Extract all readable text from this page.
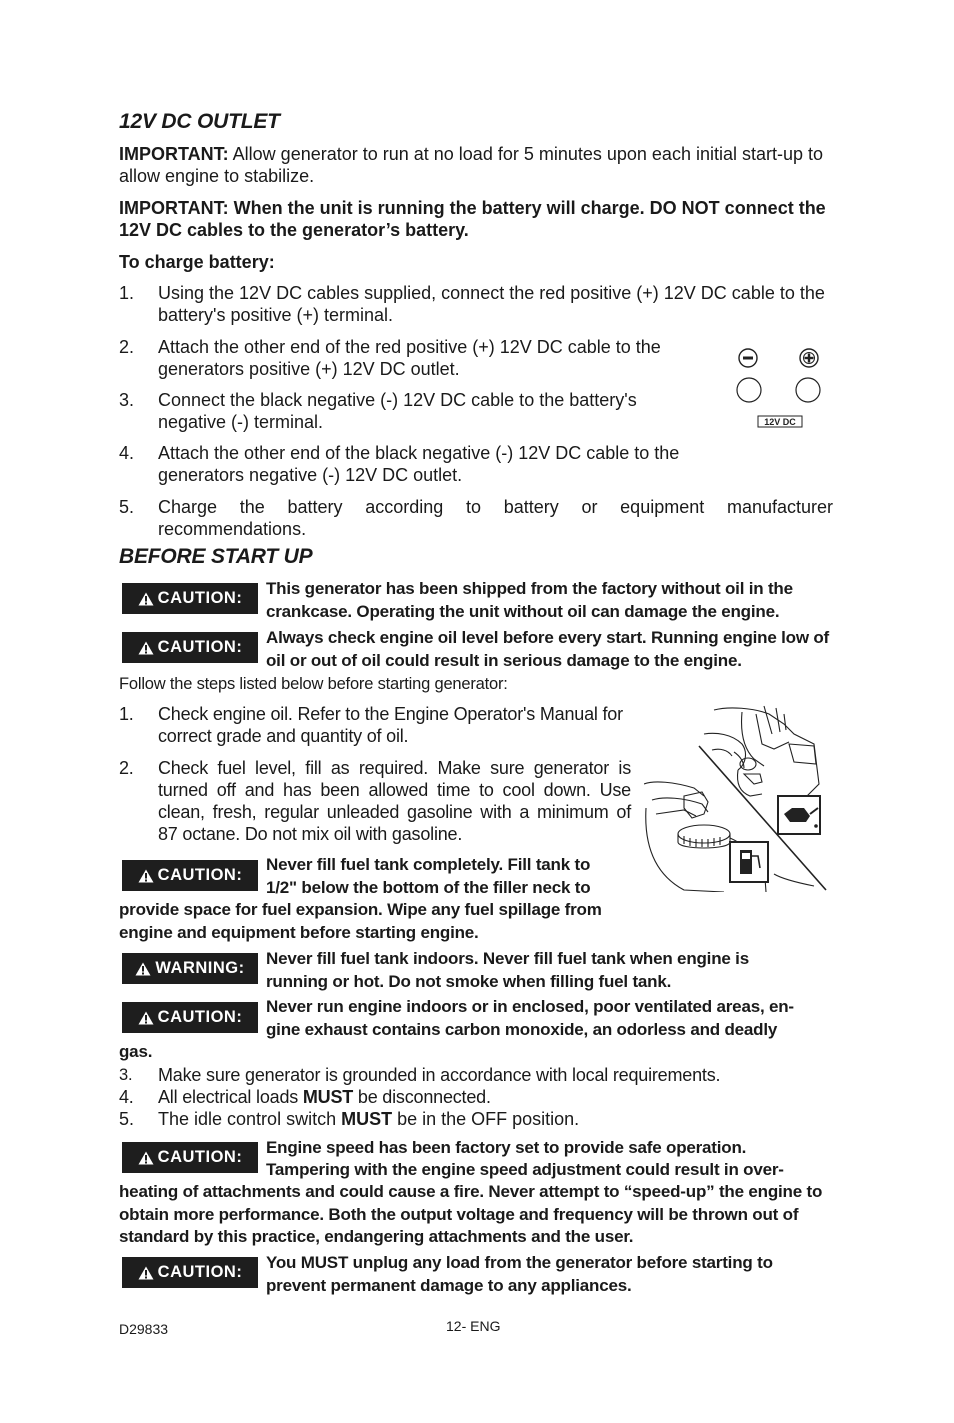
12V DC OUTLET
IMPORTANT: Allow generator to run at no load for 5 minutes upon each initial start-up to allow engine to stabilize.
IMPORTANT: When the unit is running the battery will charge. DO NOT connect the 12V DC cables to the generator’s battery.
To charge battery:
1.	Using the 12V DC cables supplied, connect the red positive (+) 12V DC cable to the battery's positive (+) terminal.
2.	Attach the other end of the red positive (+) 12V DC cable to the generators positive (+) 12V DC outlet.
3.	Connect the black negative (-) 12V DC cable to the battery's negative (-) terminal.
4.	Attach the other end of the black negative (-) 12V DC cable to the generators negative (-) 12V DC outlet.
5.	Charge the battery according to battery or equipment manufacturer
recommendations.
12V DC
BEFORE START UP
CAUTION: This generator has been shipped from the factory without oil in the crankcase. Operating the unit without oil can damage the engine.
CAUTION: Always check engine oil level before every start. Running engine low of oil or out of oil could result in serious damage to the engine.
Follow the steps listed below before starting generator:
1.	Check engine oil. Refer to the Engine Operator's Manual for correct grade and quantity of oil.
2.	Check fuel level, fill as required. Make sure generator is turned off and has been allowed time to cool down. Use clean, fresh, regular unleaded gasoline with a minimum of 87 octane. Do not mix oil with gasoline.
CAUTION:
Never fill fuel tank completely. Fill tank to
1/2" below the bottom of the filler neck to
provide space for fuel expansion. Wipe any fuel spillage from engine and equipment before starting engine.
WARNING: Never fill fuel tank indoors. Never fill fuel tank when engine is running or hot. Do not smoke when filling fuel tank.
CAUTION:
Never run engine indoors or in enclosed, poor ventilated areas, en-
gine exhaust contains carbon monoxide, an odorless and deadly
gas.
3.	Make sure generator is grounded in accordance with local requirements.
4.	All electrical loads MUST be disconnected.
5.	The idle control switch MUST be in the OFF position.
CAUTION: Engine speed has been factory set to provide safe operation.
Tampering with the engine speed adjustment could result in over-
heating of attachments and could cause a fire. Never attempt to “speed-up” the engine to obtain more performance. Both the output voltage and frequency will be thrown out of standard by this practice, endangering attachments and the user.
CAUTION: You MUST unplug any load from the generator before starting to prevent permanent damage to any appliances.
D29833	12- ENG
